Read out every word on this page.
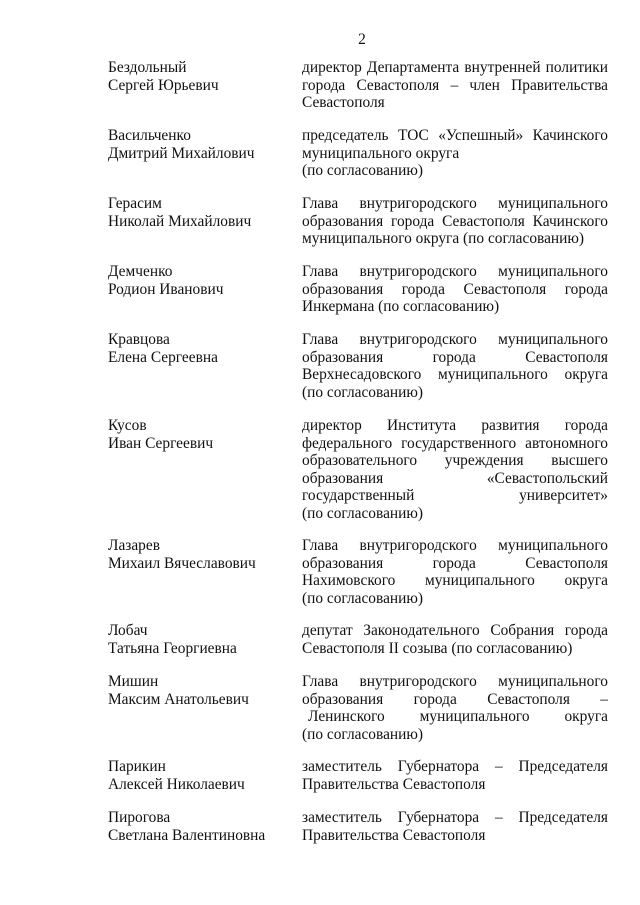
2
Бездольный
Сергей Юрьевич
директор Департамента внутренней политики
города Севастополя – член Правительства
Севастополя
Васильченко
Дмитрий Михайлович
председатель ТОС «Успешный» Качинского
муниципального округа
(по согласованию)
Герасим
Николай Михайлович
Глава внутригородского муниципального
образования города Севастополя Качинского
муниципального округа (по согласованию)
Демченко
Родион Иванович
Глава внутригородского муниципального
образования города Севастополя города
Инкермана (по согласованию)
Кравцова
Елена Сергеевна
Глава внутригородского муниципального
образования города Севастополя
Верхнесадовского муниципального округа
(по согласованию)
Кусов
Иван Сергеевич
директор Института развития города
федерального государственного автономного
образовательного учреждения высшего
образования «Севастопольский
государственный университет»
(по согласованию)
Лазарев
Михаил Вячеславович
Глава внутригородского муниципального
образования города Севастополя
Нахимовского муниципального округа
(по согласованию)
Лобач
Татьяна Георгиевна
депутат Законодательного Собрания города
Севастополя II созыва (по согласованию)
Мишин
Максим Анатольевич
Глава внутригородского муниципального
образования города Севастополя –
Ленинского муниципального округа
(по согласованию)
Парикин
Алексей Николаевич
заместитель Губернатора – Председателя
Правительства Севастополя
Пирогова
Светлана Валентиновна
заместитель Губернатора – Председателя
Правительства Севастополя
